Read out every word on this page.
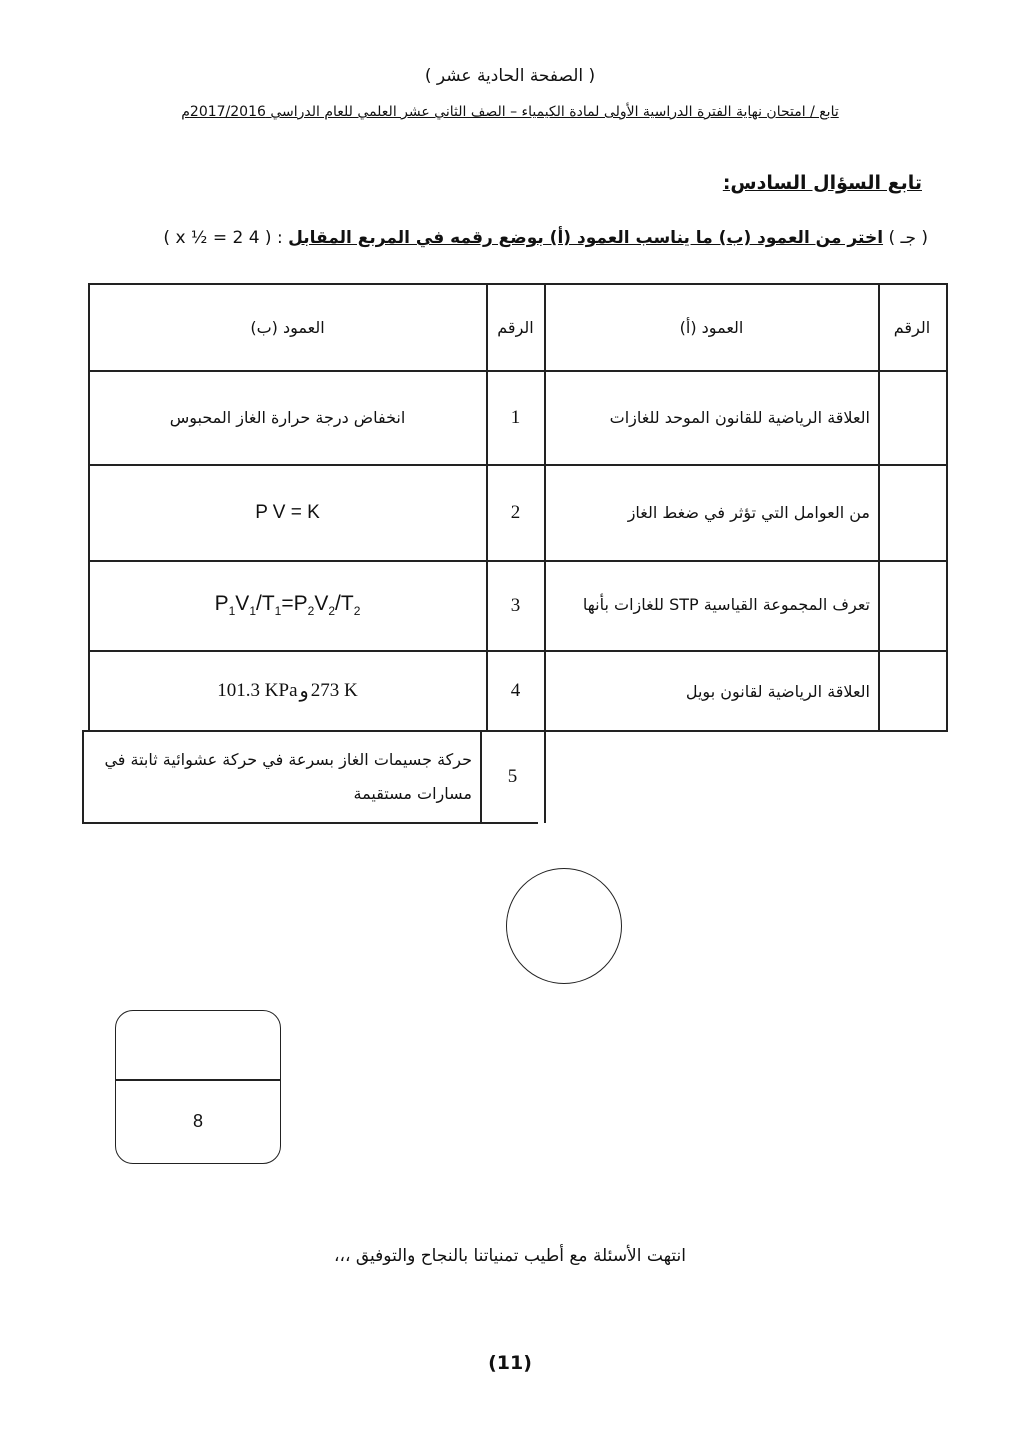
( الصفحة الحادية عشر )
تابع / امتحان نهاية الفترة الدراسية الأولى لمادة الكيمياء – الصف الثاني عشر العلمي للعام الدراسي 2017/2016م
تابع السؤال السادس:
( جـ ) اختر من العمود (ب) ما يناسب العمود (أ) بوضع رقمه في المربع المقابل : ( 4 x ½ = 2 )
الرقم
العمود (أ)
العلاقة الرياضية للقانون الموحد للغازات
من العوامل التي تؤثر في ضغط الغاز
تعرف المجموعة القياسية STP للغازات بأنها
العلاقة الرياضية لقانون بويل
الرقم
العمود (ب)
1
انخفاض درجة حرارة الغاز المحبوس
2
P V = K
3
$P_1V_1/T_1=P_2V_2/T_2$
4
101.3 KPa و 273 K
5
حركة جسيمات الغاز بسرعة في حركة عشوائية ثابتة في مسارات مستقيمة
8
انتهت الأسئلة مع أطيب تمنياتنا بالنجاح والتوفيق ،،،
(11)
